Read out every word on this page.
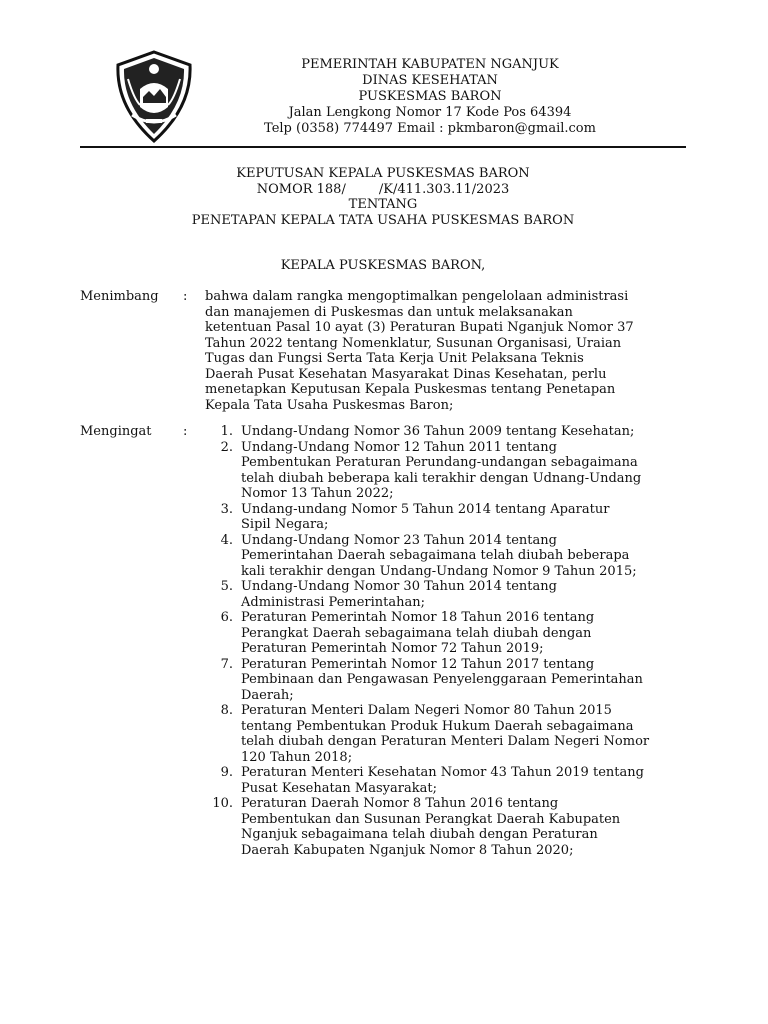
PEMERINTAH KABUPATEN NGANJUK
DINAS KESEHATAN
PUSKESMAS BARON
Jalan Lengkong Nomor 17 Kode Pos 64394
Telp (0358) 774497 Email : pkmbaron@gmail.com
KEPUTUSAN KEPALA PUSKESMAS BARON
NOMOR 188/        /K/411.303.11/2023
TENTANG
PENETAPAN KEPALA TATA USAHA PUSKESMAS BARON
KEPALA PUSKESMAS BARON,
Menimbang : bahwa dalam rangka mengoptimalkan pengelolaan administrasi
dan manajemen di Puskesmas dan untuk melaksanakan
ketentuan Pasal 10 ayat (3) Peraturan Bupati Nganjuk Nomor 37
Tahun 2022 tentang Nomenklatur, Susunan Organisasi, Uraian
Tugas dan Fungsi Serta Tata Kerja Unit Pelaksana Teknis
Daerah Pusat Kesehatan Masyarakat Dinas Kesehatan, perlu
menetapkan Keputusan Kepala Puskesmas tentang Penetapan
Kepala Tata Usaha Puskesmas Baron;
Mengingat :	1. Undang-Undang Nomor 36 Tahun 2009 tentang Kesehatan;
2. Undang-Undang Nomor 12 Tahun 2011 tentang
Pembentukan Peraturan Perundang-undangan sebagaimana
telah diubah beberapa kali terakhir dengan Udnang-Undang
Nomor 13 Tahun 2022;
3. Undang-undang Nomor 5 Tahun 2014 tentang Aparatur
Sipil Negara;
4. Undang-Undang Nomor 23 Tahun 2014 tentang
Pemerintahan Daerah sebagaimana telah diubah beberapa
kali terakhir dengan Undang-Undang Nomor 9 Tahun 2015;
5. Undang-Undang Nomor 30 Tahun 2014 tentang
Administrasi Pemerintahan;
6. Peraturan Pemerintah Nomor 18 Tahun 2016 tentang
Perangkat Daerah sebagaimana telah diubah dengan
Peraturan Pemerintah Nomor 72 Tahun 2019;
7. Peraturan Pemerintah Nomor 12 Tahun 2017 tentang
Pembinaan dan Pengawasan Penyelenggaraan Pemerintahan
Daerah;
8. Peraturan Menteri Dalam Negeri Nomor 80 Tahun 2015
tentang Pembentukan Produk Hukum Daerah sebagaimana
telah diubah dengan Peraturan Menteri Dalam Negeri Nomor
120 Tahun 2018;
9. Peraturan Menteri Kesehatan Nomor 43 Tahun 2019 tentang
Pusat Kesehatan Masyarakat;
10. Peraturan Daerah Nomor 8 Tahun 2016 tentang
Pembentukan dan Susunan Perangkat Daerah Kabupaten
Nganjuk sebagaimana telah diubah dengan Peraturan
Daerah Kabupaten Nganjuk Nomor 8 Tahun 2020;
